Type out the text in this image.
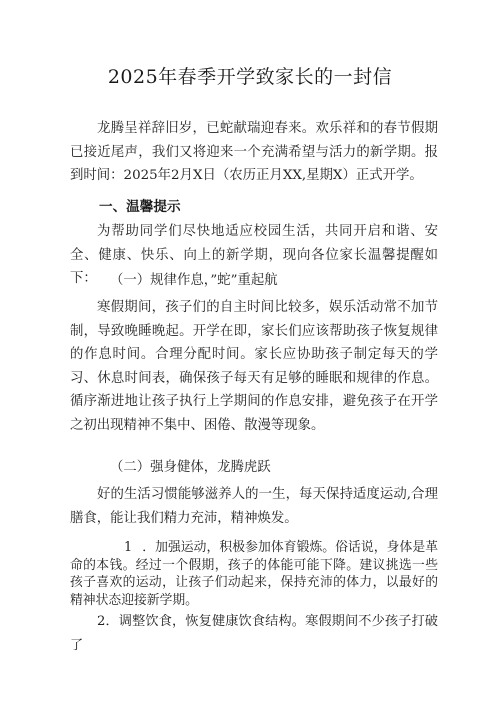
2025年春季开学致家长的一封信

龙腾呈祥辞旧岁，已蛇献瑞迎春来。欢乐祥和的春节假期已接近尾声，我们又将迎来一个充满希望与活力的新学期。报到时间：2025年2月X日（农历正月XX,星期X）正式开学。

一、温馨提示

为帮助同学们尽快地适应校园生活，共同开启和谐、安全、健康、快乐、向上的新学期，现向各位家长温馨提醒如下： （一）规律作息，”蛇”重起航

寒假期间，孩子们的自主时间比较多，娱乐活动常不加节制，导致晚睡晚起。开学在即，家长们应该帮助孩子恢复规律的作息时间。合理分配时间。家长应协助孩子制定每天的学习、休息时间表，确保孩子每天有足够的睡眠和规律的作息。循序渐进地让孩子执行上学期间的作息安排，避免孩子在开学之初出现精神不集中、困倦、散漫等现象。

（二）强身健体，龙腾虎跃

好的生活习惯能够滋养人的一生，每天保持适度运动,合理膳食，能让我们精力充沛，精神焕发。

1 ．加强运动，积极参加体育锻炼。俗话说，身体是革命的本钱。经过一个假期，孩子的体能可能下降。建议挑选一些孩子喜欢的运动，让孩子们动起来，保持充沛的体力，以最好的精神状态迎接新学期。

2．调整饮食，恢复健康饮食结构。寒假期间不少孩子打破了
